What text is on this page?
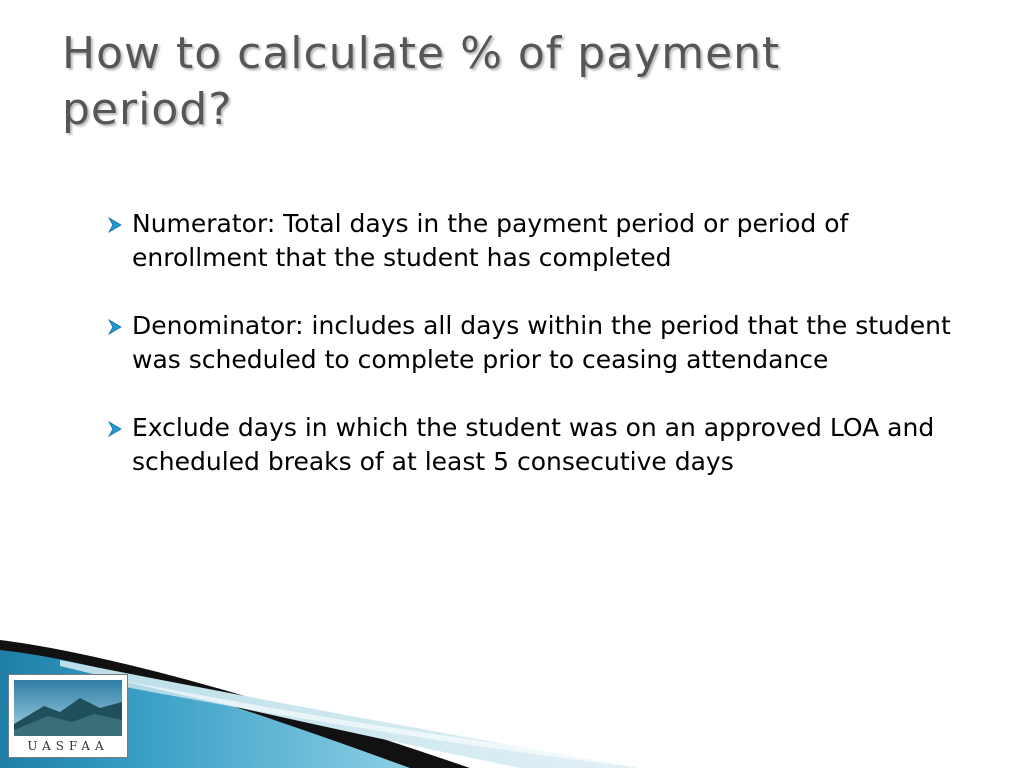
How to calculate % of payment period?
Numerator: Total days in the payment period or period of enrollment that the student has completed
Denominator: includes all days within the period that the student was scheduled to complete prior to ceasing attendance
Exclude days in which the student was on an approved LOA and scheduled breaks of at least 5 consecutive days
UASFAA
